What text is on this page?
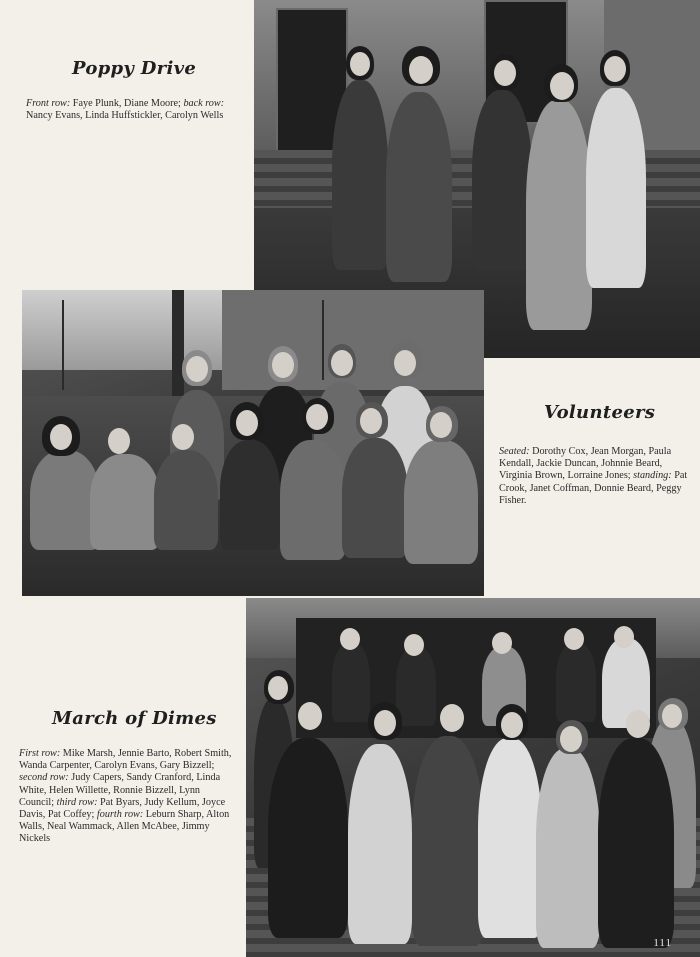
Poppy Drive
Front row: Faye Plunk, Diane Moore; back row: Nancy Evans, Linda Huffstickler, Carolyn Wells
Volunteers
Seated: Dorothy Cox, Jean Morgan, Paula Kendall, Jackie Duncan, Johnnie Beard, Virginia Brown, Lorraine Jones; standing: Pat Crook, Janet Coffman, Donnie Beard, Peggy Fisher.
111
March of Dimes
First row: Mike Marsh, Jennie Barto, Robert Smith, Wanda Carpenter, Carolyn Evans, Gary Bizzell; second row: Judy Capers, Sandy Cranford, Linda White, Helen Willette, Ronnie Bizzell, Lynn Council; third row: Pat Byars, Judy Kellum, Joyce Davis, Pat Coffey; fourth row: Leburn Sharp, Alton Walls, Neal Wammack, Allen McAbee, Jimmy Nickels
